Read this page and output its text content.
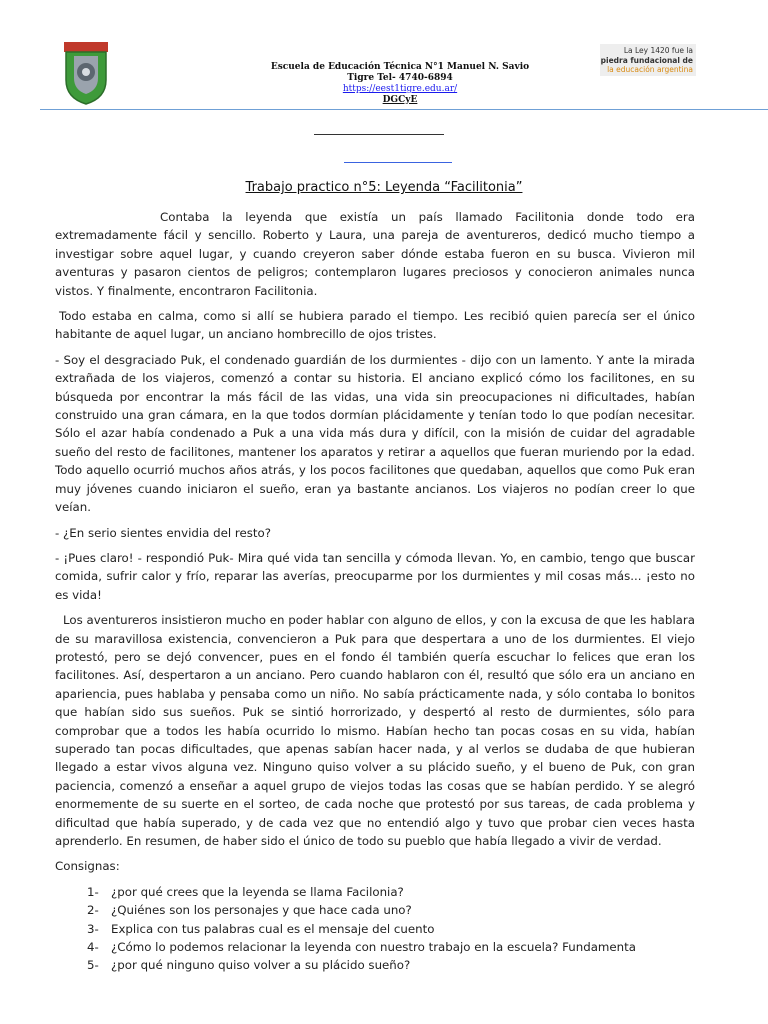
Escuela de Educación Técnica N°1 Manuel N. Savio
Tigre Tel- 4740-6894
https://eest1tigre.edu.ar/
DGCyE
La Ley 1420 fue la
piedra fundacional de
la educación argentina
Trabajo practico n°5: Leyenda “Facilitonia”

Contaba la leyenda que existía un país llamado Facilitonia donde todo era extremadamente fácil y sencillo. Roberto y Laura, una pareja de aventureros, dedicó mucho tiempo a investigar sobre aquel lugar, y cuando creyeron saber dónde estaba fueron en su busca. Vivieron mil aventuras y pasaron cientos de peligros; contemplaron lugares preciosos y conocieron animales nunca vistos. Y finalmente, encontraron Facilitonia.

Todo estaba en calma, como si allí se hubiera parado el tiempo. Les recibió quien parecía ser el único habitante de aquel lugar, un anciano hombrecillo de ojos tristes.

- Soy el desgraciado Puk, el condenado guardián de los durmientes - dijo con un lamento. Y ante la mirada extrañada de los viajeros, comenzó a contar su historia. El anciano explicó cómo los facilitones, en su búsqueda por encontrar la más fácil de las vidas, una vida sin preocupaciones ni dificultades, habían construido una gran cámara, en la que todos dormían plácidamente y tenían todo lo que podían necesitar. Sólo el azar había condenado a Puk a una vida más dura y difícil, con la misión de cuidar del agradable sueño del resto de facilitones, mantener los aparatos y retirar a aquellos que fueran muriendo por la edad. Todo aquello ocurrió muchos años atrás, y los pocos facilitones que quedaban, aquellos que como Puk eran muy jóvenes cuando iniciaron el sueño, eran ya bastante ancianos. Los viajeros no podían creer lo que veían.

- ¿En serio sientes envidia del resto?

- ¡Pues claro! - respondió Puk- Mira qué vida tan sencilla y cómoda llevan. Yo, en cambio, tengo que buscar comida, sufrir calor y frío, reparar las averías, preocuparme por los durmientes y mil cosas más... ¡esto no es vida!

Los aventureros insistieron mucho en poder hablar con alguno de ellos, y con la excusa de que les hablara de su maravillosa existencia, convencieron a Puk para que despertara a uno de los durmientes. El viejo protestó, pero se dejó convencer, pues en el fondo él también quería escuchar lo felices que eran los facilitones. Así, despertaron a un anciano. Pero cuando hablaron con él, resultó que sólo era un anciano en apariencia, pues hablaba y pensaba como un niño. No sabía prácticamente nada, y sólo contaba lo bonitos que habían sido sus sueños. Puk se sintió horrorizado, y despertó al resto de durmientes, sólo para comprobar que a todos les había ocurrido lo mismo. Habían hecho tan pocas cosas en su vida, habían superado tan pocas dificultades, que apenas sabían hacer nada, y al verlos se dudaba de que hubieran llegado a estar vivos alguna vez. Ninguno quiso volver a su plácido sueño, y el bueno de Puk, con gran paciencia, comenzó a enseñar a aquel grupo de viejos todas las cosas que se habían perdido. Y se alegró enormemente de su suerte en el sorteo, de cada noche que protestó por sus tareas, de cada problema y dificultad que había superado, y de cada vez que no entendió algo y tuvo que probar cien veces hasta aprenderlo. En resumen, de haber sido el único de todo su pueblo que había llegado a vivir de verdad.

Consignas:

1- ¿por qué crees que la leyenda se llama Facilonia?
2- ¿Quiénes son los personajes y que hace cada uno?
3- Explica con tus palabras cual es el mensaje del cuento
4- ¿Cómo lo podemos relacionar la leyenda con nuestro trabajo en la escuela? Fundamenta
5- ¿por qué ninguno quiso volver a su plácido sueño?
